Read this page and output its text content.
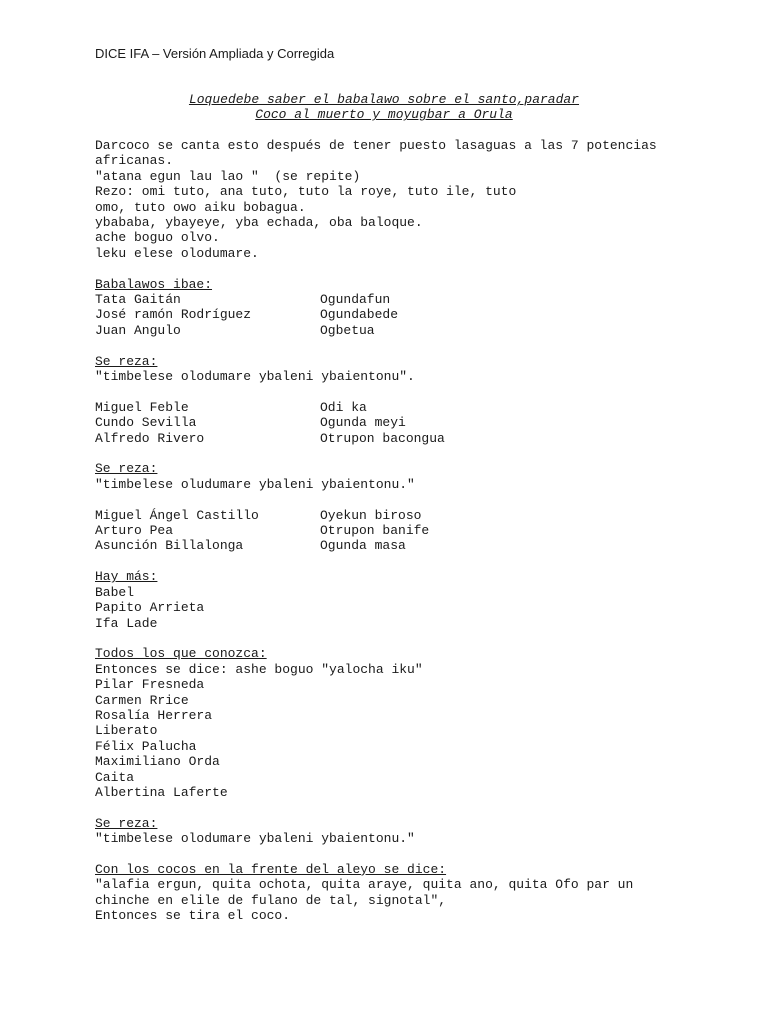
DICE IFA – Versión Ampliada y Corregida
Loquedebe saber el babalawo sobre el santo,paradar
Coco al muerto y moyugbar a Orula
Darcoco se canta esto después de tener puesto lasaguas a las 7 potencias
africanas.
"atana egun lau lao "  (se repite)
Rezo: omi tuto, ana tuto, tuto la roye, tuto ile, tuto
omo, tuto owo aiku bobagua.
ybababa, ybayeye, yba echada, oba baloque.
ache boguo olvo.
leku elese olodumare.
Babalawos ibae:
Tata Gaitán	Ogundafun
José ramón Rodríguez	Ogundabede
Juan Angulo	Ogbetua
Se reza:
"timbelese olodumare ybaleni ybaientonu".
Miguel Feble	Odi ka
Cundo Sevilla	Ogunda meyi
Alfredo Rivero	Otrupon bacongua
Se reza:
"timbelese oludumare ybaleni ybaientonu."
Miguel Ángel Castillo	Oyekun biroso
Arturo Pea	Otrupon banife
Asunción Billalonga	Ogunda masa
Hay más:
Babel
Papito Arrieta
Ifa Lade
Todos los que conozca:
Entonces se dice: ashe boguo "yalocha iku"
Pilar Fresneda
Carmen Rrice
Rosalía Herrera
Liberato
Félix Palucha
Maximiliano Orda
Caita
Albertina Laferte
Se reza:
"timbelese olodumare ybaleni ybaientonu."
Con los cocos en la frente del aleyo se dice:
"alafia ergun, quita ochota, quita araye, quita ano, quita Ofo par un
chinche en elile de fulano de tal, signotal",
Entonces se tira el coco.
